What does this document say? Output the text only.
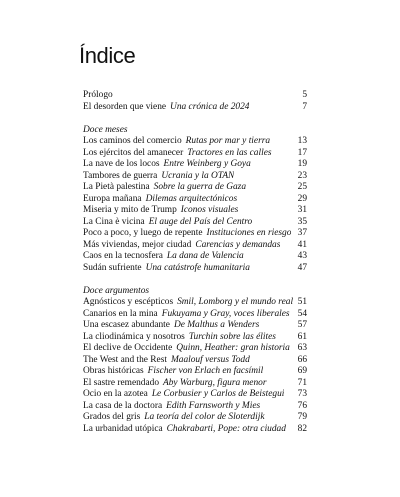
Índice
Prólogo	5
El desorden que viene Una crónica de 2024	7
Doce meses
Los caminos del comercio Rutas por mar y tierra	13
Los ejércitos del amanecer Tractores en las calles	17
La nave de los locos Entre Weinberg y Goya	19
Tambores de guerra Ucrania y la OTAN	23
La Pietà palestina Sobre la guerra de Gaza	25
Europa mañana Dilemas arquitectónicos	29
Miseria y mito de Trump Iconos visuales	31
La Cina è vicina El auge del País del Centro	35
Poco a poco, y luego de repente Instituciones en riesgo 37
Más viviendas, mejor ciudad Carencias y demandas 41
Caos en la tecnosfera La dana de Valencia	43
Sudán sufriente Una catástrofe humanitaria	47
Doce argumentos
Agnósticos y escépticos Smil, Lomborg y el mundo real 51
Canarios en la mina Fukuyama y Gray, voces liberales 54
Una escasez abundante De Malthus a Wenders	57
La cliodinámica y nosotros Turchin sobre las élites 61
El declive de Occidente Quinn, Heather: gran historia 63
The West and the Rest Maalouf versus Todd	66
Obras históricas Fischer von Erlach en facsímil	69
El sastre remendado Aby Warburg, figura menor	71
Ocio en la azotea Le Corbusier y Carlos de Beistegui 73
La casa de la doctora Edith Farnsworth y Mies	76
Grados del gris La teoría del color de Sloterdijk	79
La urbanidad utópica Chakrabarti, Pope: otra ciudad 82
